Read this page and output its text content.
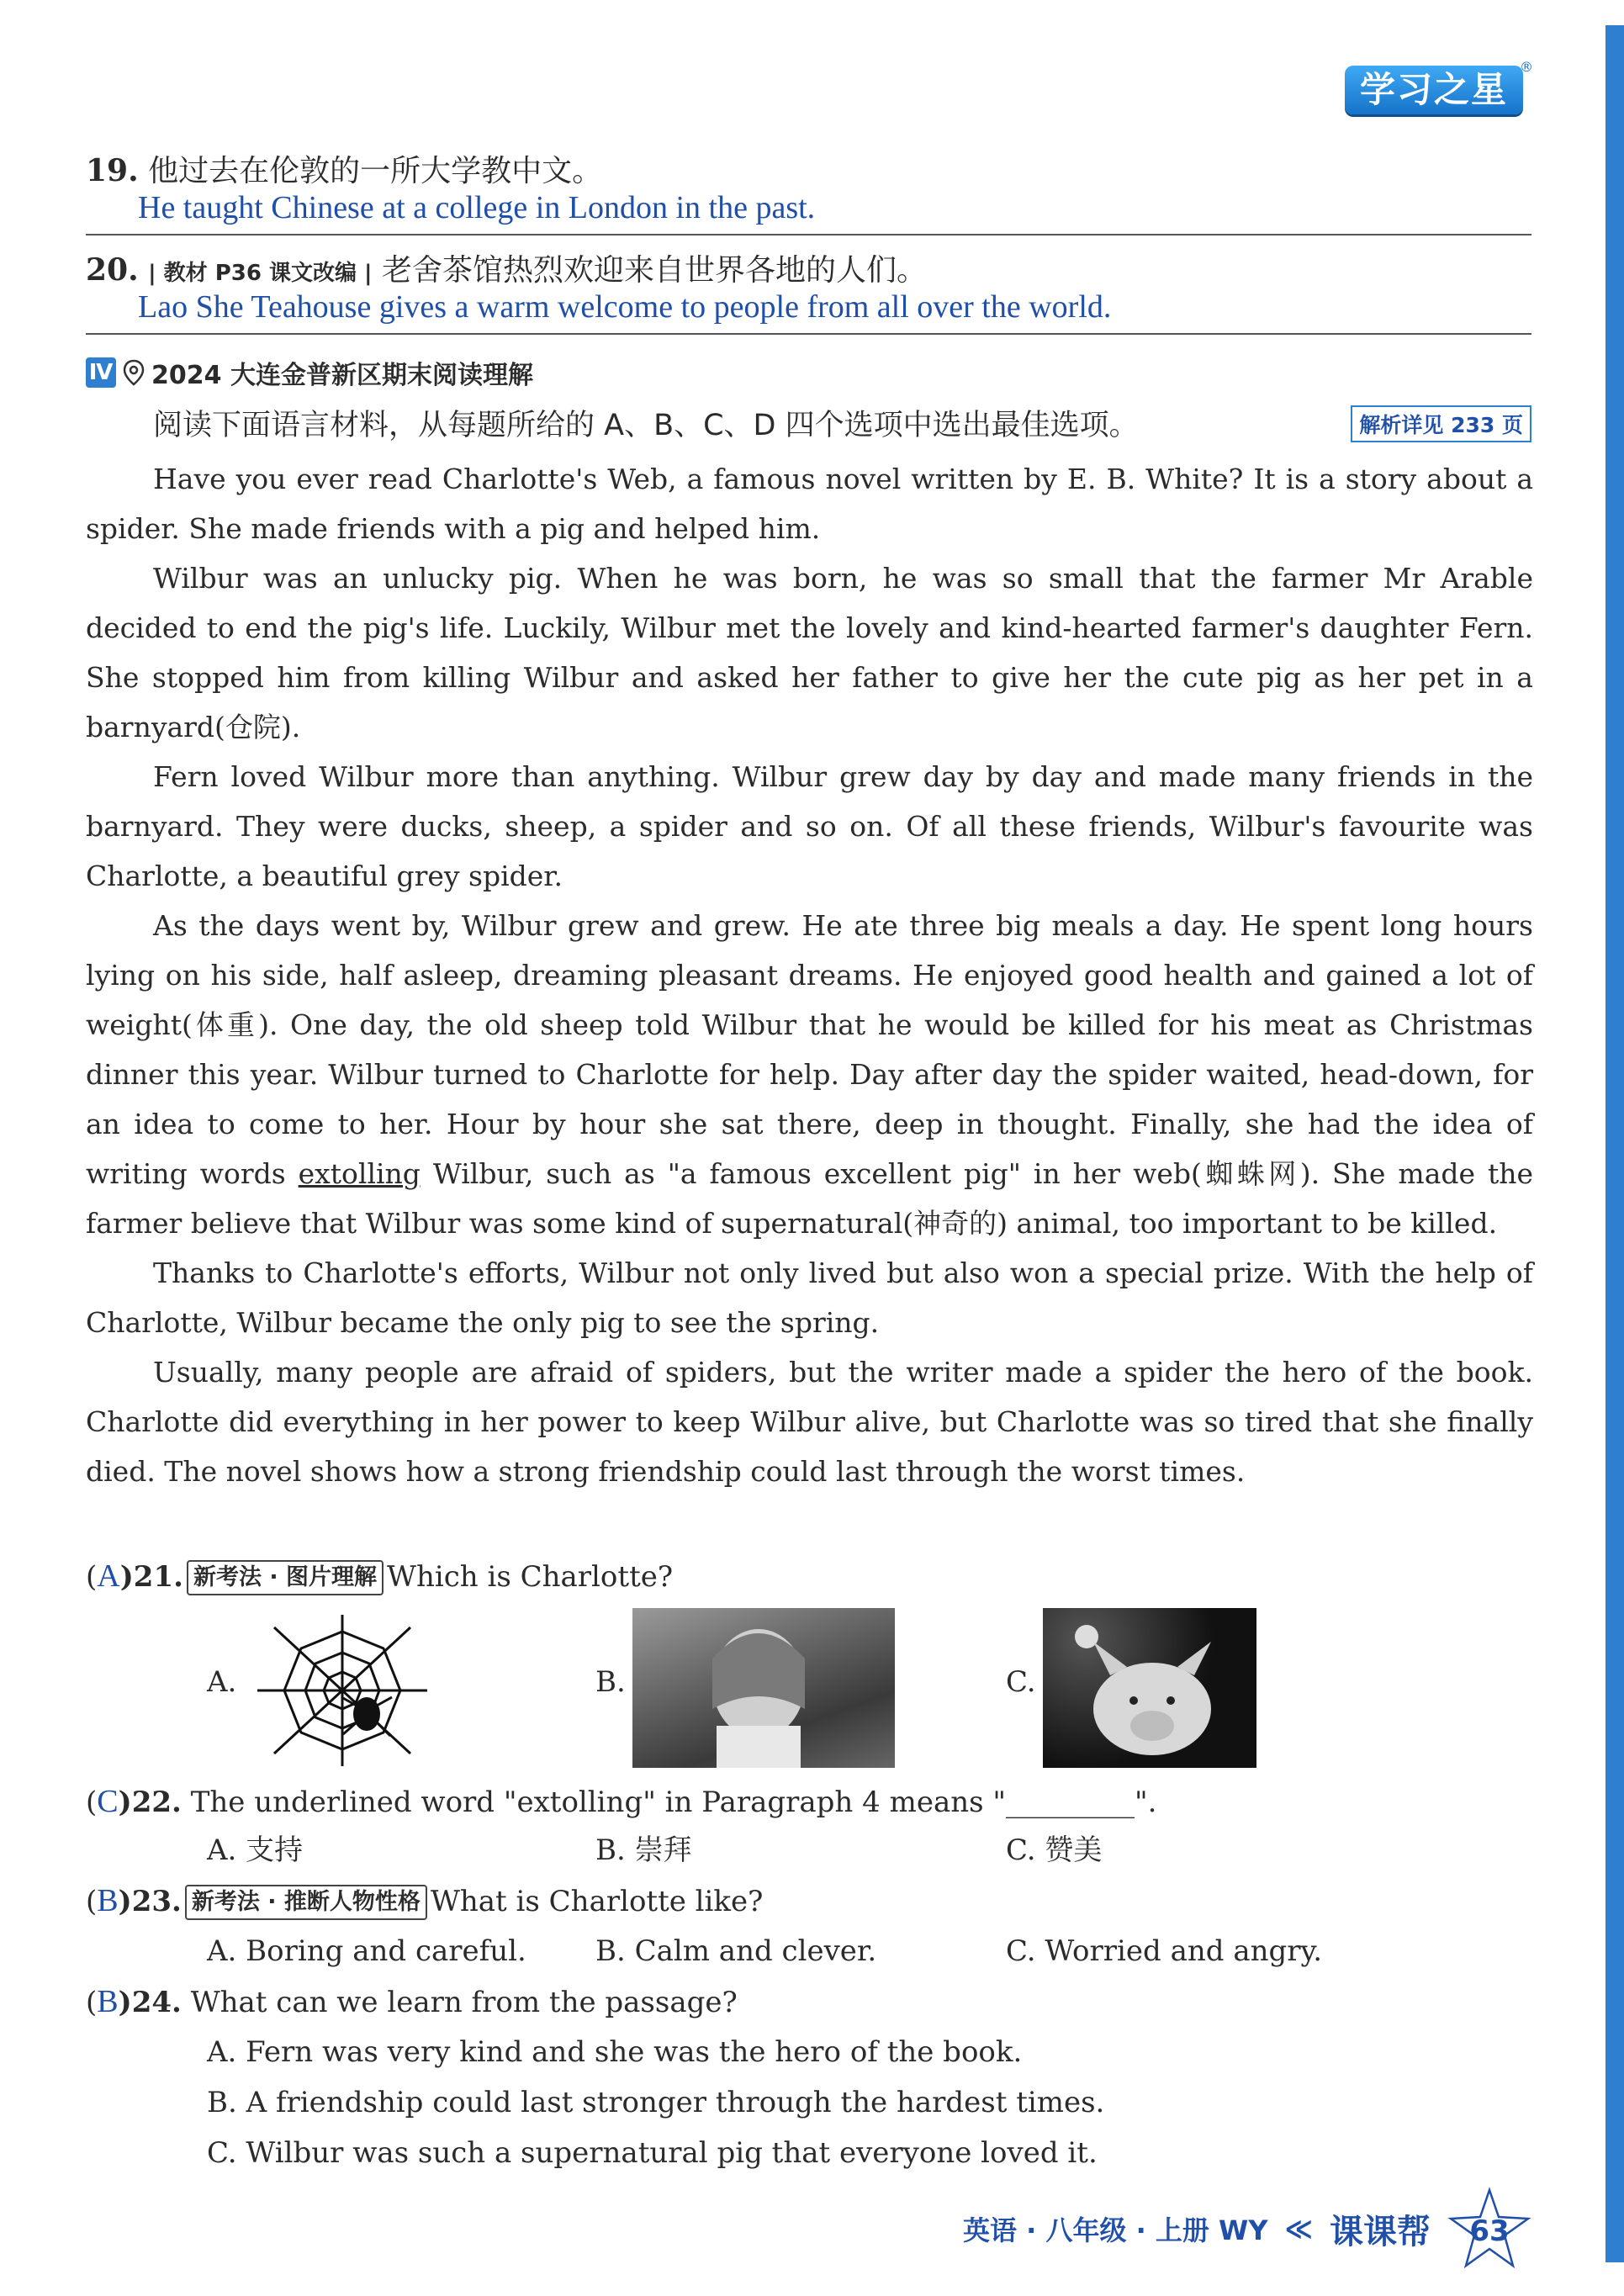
学习之星
®
19. 他过去在伦敦的一所大学教中文。
He taught Chinese at a college in London in the past.
20. | 教材 P36 课文改编 | 老舍茶馆热烈欢迎来自世界各地的人们。
Lao She Teahouse gives a warm welcome to people from all over the world.
Ⅳ 2024 大连金普新区期末阅读理解
阅读下面语言材料，从每题所给的 A、B、C、D 四个选项中选出最佳选项。	解析详见 233 页

Have you ever read Charlotte's Web, a famous novel written by E. B. White? It is a story about a spider. She made friends with a pig and helped him.

Wilbur was an unlucky pig. When he was born, he was so small that the farmer Mr Arable decided to end the pig's life. Luckily, Wilbur met the lovely and kind-hearted farmer's daughter Fern. She stopped him from killing Wilbur and asked her father to give her the cute pig as her pet in a barnyard(仓院).

Fern loved Wilbur more than anything. Wilbur grew day by day and made many friends in the barnyard. They were ducks, sheep, a spider and so on. Of all these friends, Wilbur's favourite was Charlotte, a beautiful grey spider.

As the days went by, Wilbur grew and grew. He ate three big meals a day. He spent long hours lying on his side, half asleep, dreaming pleasant dreams. He enjoyed good health and gained a lot of weight(体重). One day, the old sheep told Wilbur that he would be killed for his meat as Christmas dinner this year. Wilbur turned to Charlotte for help. Day after day the spider waited, head-down, for an idea to come to her. Hour by hour she sat there, deep in thought. Finally, she had the idea of writing words extolling Wilbur, such as "a famous excellent pig" in her web(蜘蛛网). She made the farmer believe that Wilbur was some kind of supernatural(神奇的) animal, too important to be killed.

Thanks to Charlotte's efforts, Wilbur not only lived but also won a special prize. With the help of Charlotte, Wilbur became the only pig to see the spring.

Usually, many people are afraid of spiders, but the writer made a spider the hero of the book. Charlotte did everything in her power to keep Wilbur alive, but Charlotte was so tired that she finally died. The novel shows how a strong friendship could last through the worst times.

(A)21. 新考法 · 图片理解 Which is Charlotte?
A.	B.	C.
(C)22. The underlined word "extolling" in Paragraph 4 means "_________".
A. 支持	B. 崇拜	C. 赞美
(B)23. 新考法 · 推断人物性格 What is Charlotte like?
A. Boring and careful. B. Calm and clever.	C. Worried and angry.
(B)24. What can we learn from the passage?
A. Fern was very kind and she was the hero of the book.
B. A friendship could last stronger through the hardest times.
C. Wilbur was such a supernatural pig that everyone loved it.
英语 · 八年级 · 上册 WY ≪ 课课帮	63
